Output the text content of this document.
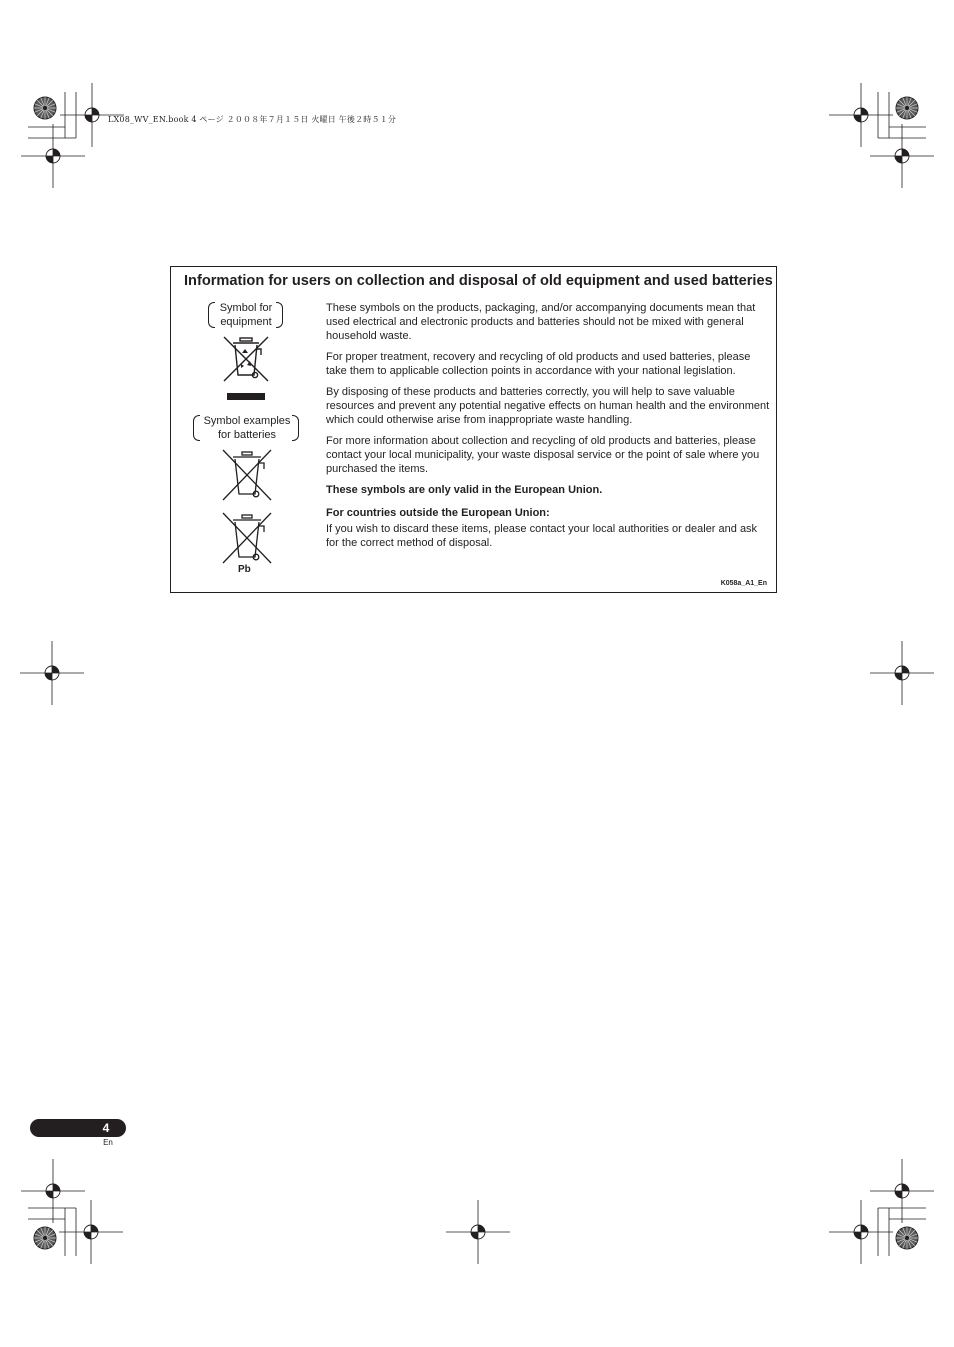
LX08_WV_EN.book 4 ページ ２００８年７月１５日 火曜日 午後２時５１分
Information for users on collection and disposal of old equipment and used batteries
Symbol for
equipment
Symbol examples
for batteries
Pb

These symbols on the products, packaging, and/or accompanying documents mean that used electrical and electronic products and batteries should not be mixed with general household waste.

For proper treatment, recovery and recycling of old products and used batteries, please take them to applicable collection points in accordance with your national legislation.

By disposing of these products and batteries correctly, you will help to save valuable resources and prevent any potential negative effects on human health and the environment which could otherwise arise from inappropriate waste handling.

For more information about collection and recycling of old products and batteries, please contact your local municipality, your waste disposal service or the point of sale where you purchased the items.

These symbols are only valid in the European Union.

For countries outside the European Union:

If you wish to discard these items, please contact your local authorities or dealer and ask for the correct method of disposal.

K058a_A1_En
4
En
